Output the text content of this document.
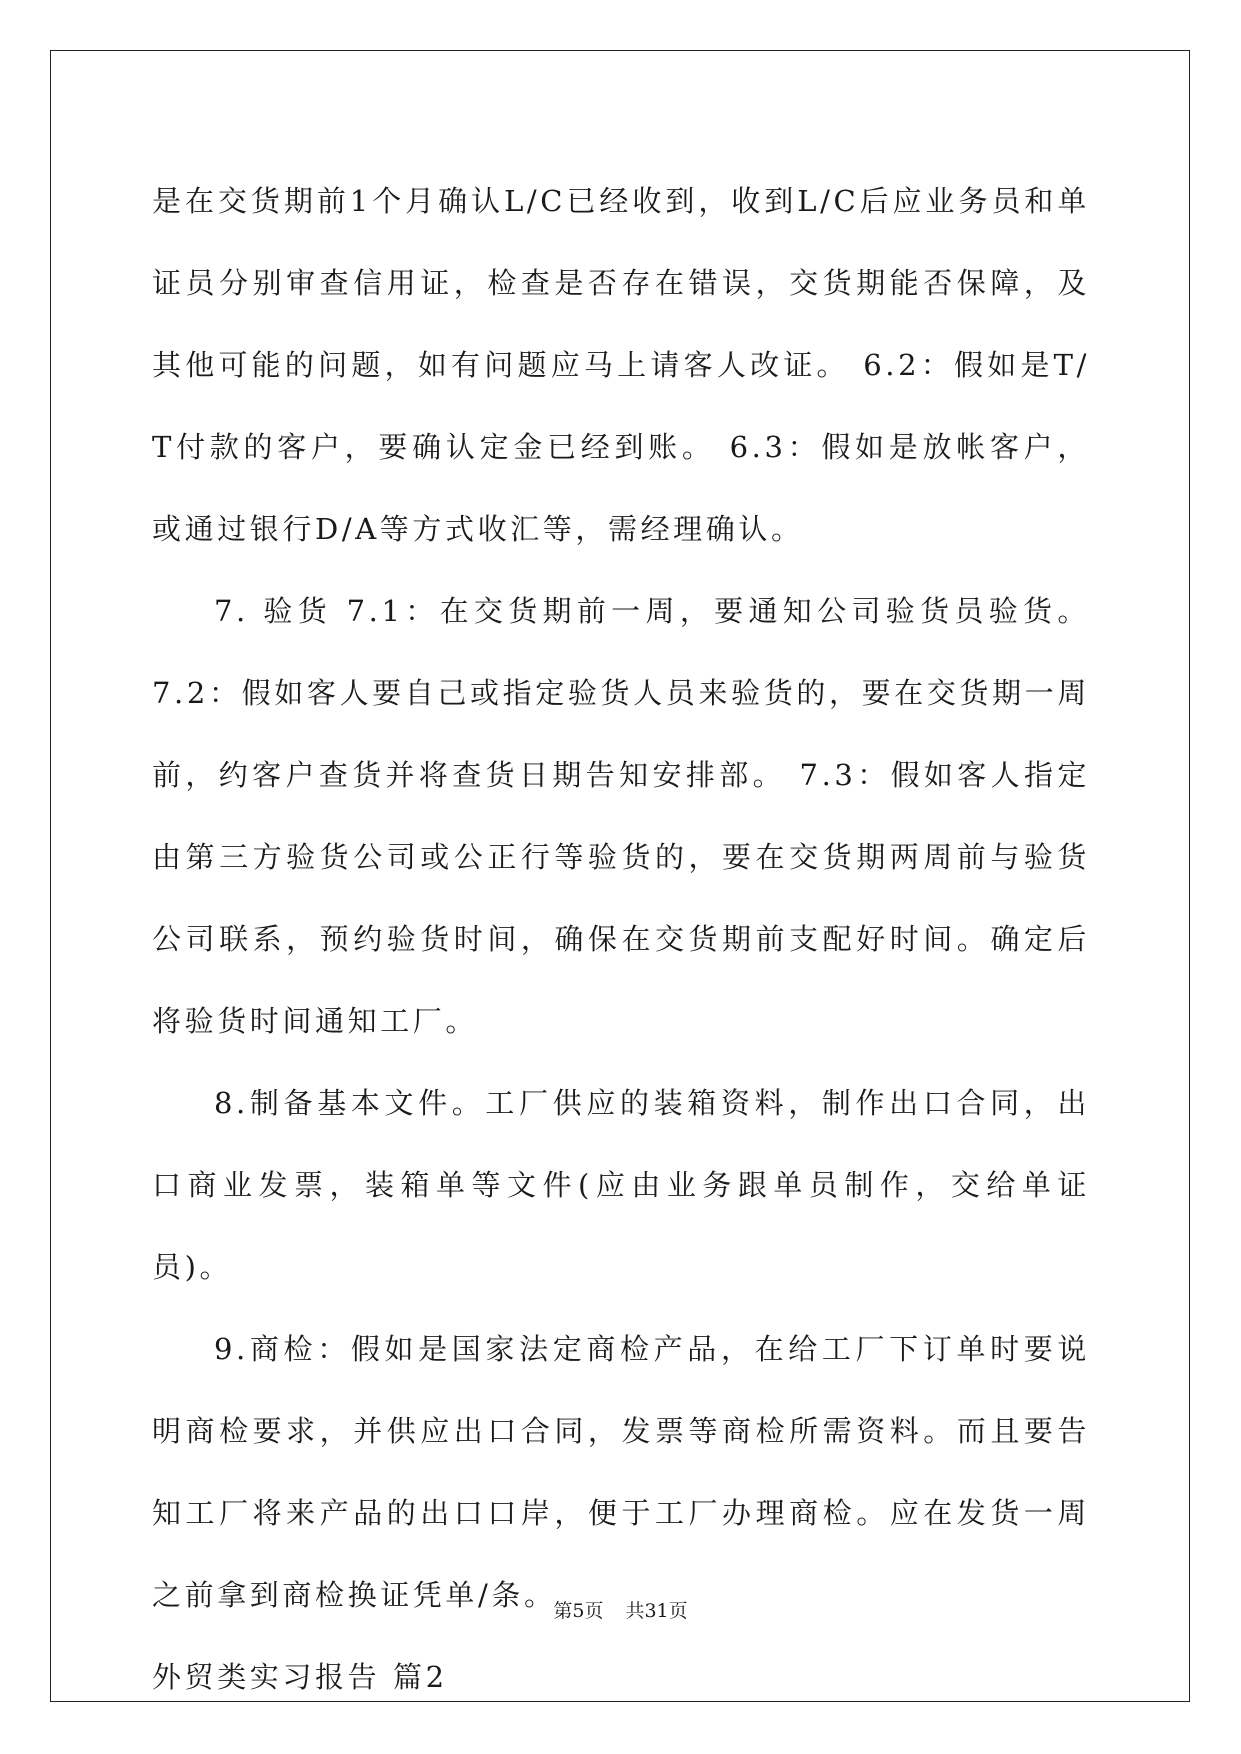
是在交货期前1个月确认L/C已经收到，收到L/C后应业务员和单证员分别审查信用证，检查是否存在错误，交货期能否保障，及其他可能的问题，如有问题应马上请客人改证。 6.2：假如是T/T付款的客户，要确认定金已经到账。 6.3：假如是放帐客户，或通过银行D/A等方式收汇等，需经理确认。

7. 验货 7.1：在交货期前一周，要通知公司验货员验货。 7.2：假如客人要自己或指定验货人员来验货的，要在交货期一周前，约客户查货并将查货日期告知安排部。 7.3：假如客人指定由第三方验货公司或公正行等验货的，要在交货期两周前与验货公司联系，预约验货时间，确保在交货期前支配好时间。确定后将验货时间通知工厂。

8.制备基本文件。工厂供应的装箱资料，制作出口合同，出口商业发票，装箱单等文件(应由业务跟单员制作，交给单证员)。

9.商检：假如是国家法定商检产品，在给工厂下订单时要说明商检要求，并供应出口合同，发票等商检所需资料。而且要告知工厂将来产品的出口口岸，便于工厂办理商检。应在发货一周之前拿到商检换证凭单/条。

外贸类实习报告 篇2

第5页 共31页
